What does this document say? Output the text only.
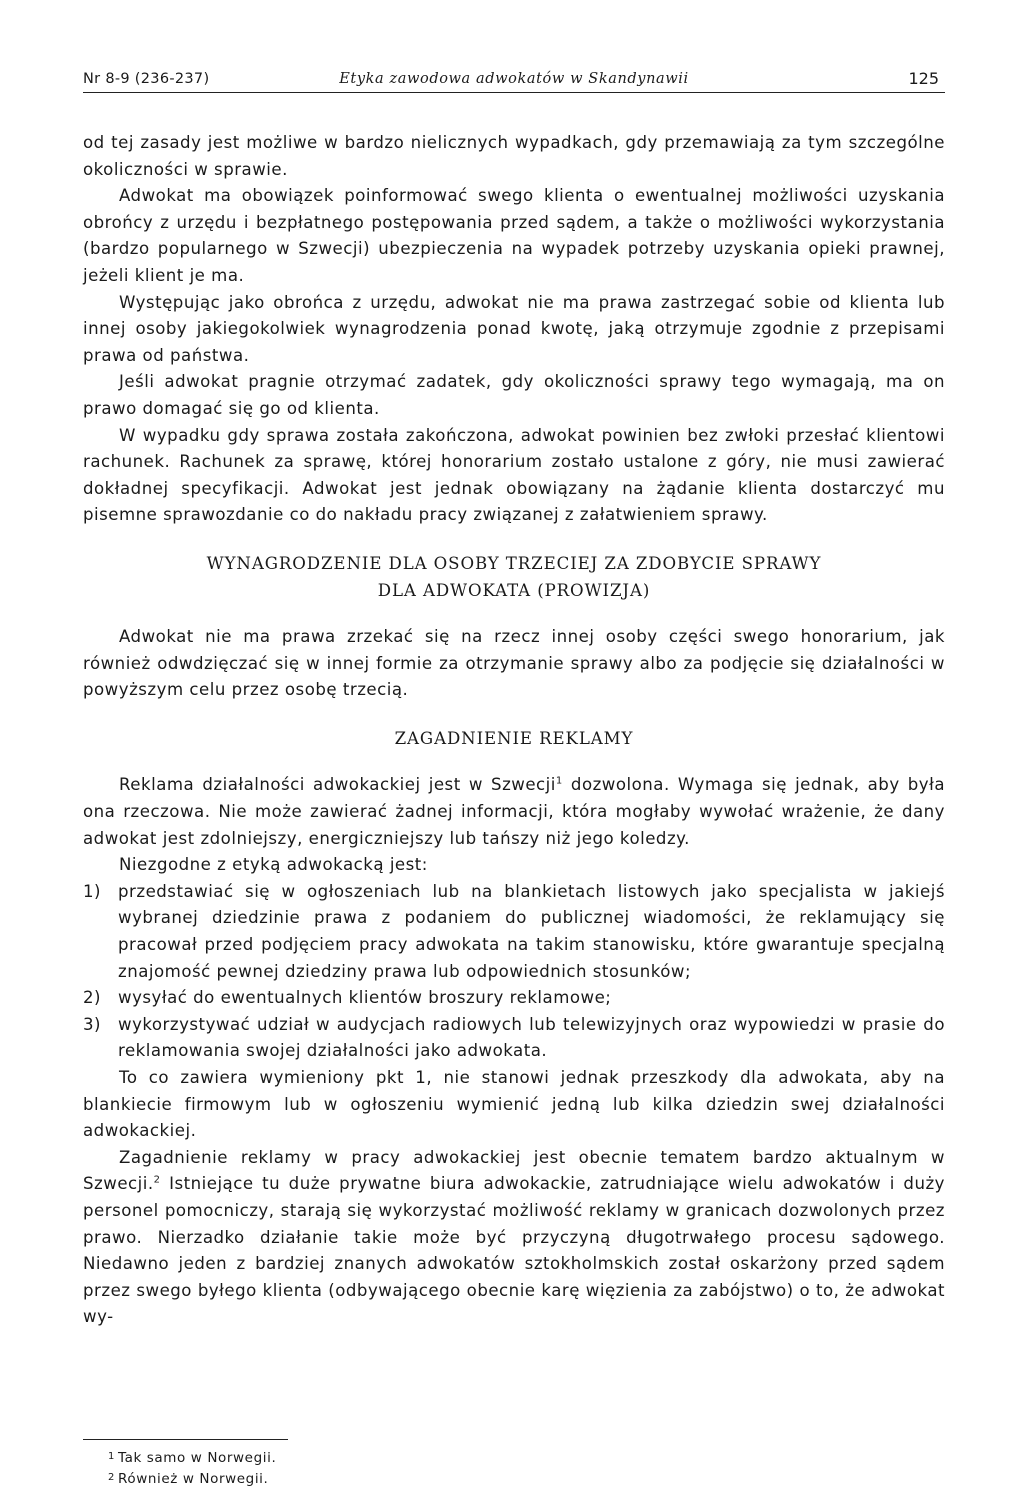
Nr 8-9 (236-237)	Etyka zawodowa adwokatów w Skandynawii	125

od tej zasady jest możliwe w bardzo nielicznych wypadkach, gdy przemawiają za tym szczególne okoliczności w sprawie.

Adwokat ma obowiązek poinformować swego klienta o ewentualnej możliwości uzyskania obrońcy z urzędu i bezpłatnego postępowania przed sądem, a także o możliwości wykorzystania (bardzo popularnego w Szwecji) ubezpieczenia na wypadek potrzeby uzyskania opieki prawnej, jeżeli klient je ma.

Występując jako obrońca z urzędu, adwokat nie ma prawa zastrzegać sobie od klienta lub innej osoby jakiegokolwiek wynagrodzenia ponad kwotę, jaką otrzymuje zgodnie z przepisami prawa od państwa.

Jeśli adwokat pragnie otrzymać zadatek, gdy okoliczności sprawy tego wymagają, ma on prawo domagać się go od klienta.

W wypadku gdy sprawa została zakończona, adwokat powinien bez zwłoki przesłać klientowi rachunek. Rachunek za sprawę, której honorarium zostało ustalone z góry, nie musi zawierać dokładnej specyfikacji. Adwokat jest jednak obowiązany na żądanie klienta dostarczyć mu pisemne sprawozdanie co do nakładu pracy związanej z załatwieniem sprawy.

WYNAGRODZENIE DLA OSOBY TRZECIEJ ZA ZDOBYCIE SPRAWY
DLA ADWOKATA (PROWIZJA)

Adwokat nie ma prawa zrzekać się na rzecz innej osoby części swego honorarium, jak również odwdzięczać się w innej formie za otrzymanie sprawy albo za podjęcie się działalności w powyższym celu przez osobę trzecią.

ZAGADNIENIE REKLAMY

Reklama działalności adwokackiej jest w Szwecji$^1$ dozwolona. Wymaga się jednak, aby była ona rzeczowa. Nie może zawierać żadnej informacji, która mogłaby wywołać wrażenie, że dany adwokat jest zdolniejszy, energiczniejszy lub tańszy niż jego koledzy.

Niezgodne z etyką adwokacką jest:

1) przedstawiać się w ogłoszeniach lub na blankietach listowych jako specjalista w jakiejś wybranej dziedzinie prawa z podaniem do publicznej wiadomości, że reklamujący się pracował przed podjęciem pracy adwokata na takim stanowisku, które gwarantuje specjalną znajomość pewnej dziedziny prawa lub odpowiednich stosunków;
2) wysyłać do ewentualnych klientów broszury reklamowe;
3) wykorzystywać udział w audycjach radiowych lub telewizyjnych oraz wypowiedzi w prasie do reklamowania swojej działalności jako adwokata.

To co zawiera wymieniony pkt 1, nie stanowi jednak przeszkody dla adwokata, aby na blankiecie firmowym lub w ogłoszeniu wymienić jedną lub kilka dziedzin swej działalności adwokackiej.

Zagadnienie reklamy w pracy adwokackiej jest obecnie tematem bardzo aktualnym w Szwecji.$^2$ Istniejące tu duże prywatne biura adwokackie, zatrudniające wielu adwokatów i duży personel pomocniczy, starają się wykorzystać możliwość reklamy w granicach dozwolonych przez prawo. Nierzadko działanie takie może być przyczyną długotrwałego procesu sądowego. Niedawno jeden z bardziej znanych adwokatów sztokholmskich został oskarżony przed sądem przez swego byłego klienta (odbywającego obecnie karę więzienia za zabójstwo) o to, że adwokat wy-

1 Tak samo w Norwegii.
2 Również w Norwegii.
